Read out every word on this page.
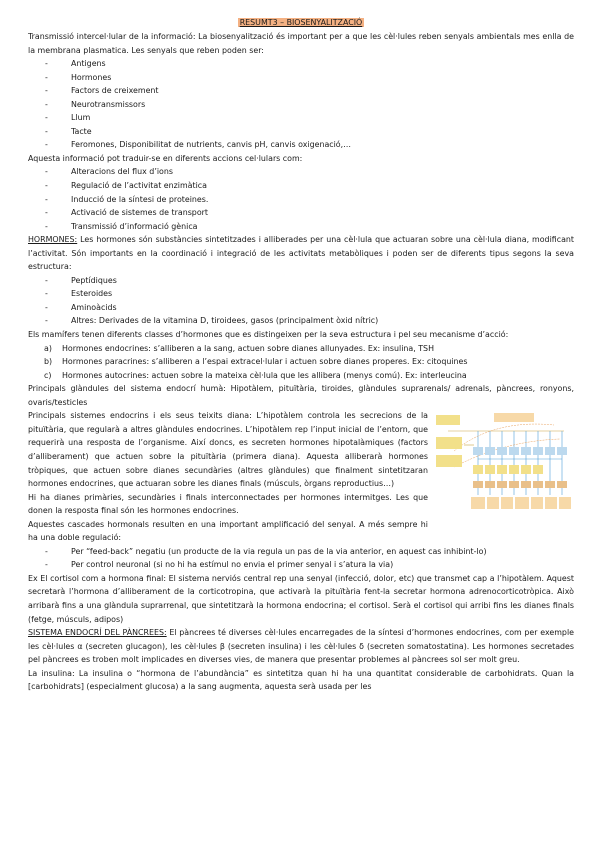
RESUMT3 – BIOSENYALITZACIÓ

Transmissió intercel·lular de la informació: La biosenyalització és important per a que les cèl·lules reben senyals ambientals mes enlla de la membrana plasmatica. Les senyals que reben poden ser:

- Antigens
- Hormones
- Factors de creixement
- Neurotransmissors
- Llum
- Tacte
- Feromones, Disponibilitat de nutrients, canvis pH, canvis oxigenació,…

Aquesta informació pot traduir-se en diferents accions cel·lulars com:

- Alteracions del flux d’ions
- Regulació de l’activitat enzimàtica
- Inducció de la síntesi de proteines.
- Activació de sistemes de transport
- Transmissió d’informació gènica

HORMONES: Les hormones són substàncies sintetitzades i alliberades per una cèl·lula que actuaran sobre una cèl·lula diana, modificant l’activitat. Són importants en la coordinació i integració de les activitats metabòliques i poden ser de diferents tipus segons la seva estructura:

- Peptídiques
- Esteroides
- Aminoàcids
- Altres: Derivades de la vitamina D, tiroidees, gasos (principalment òxid nítric)

Els mamífers tenen diferents classes d’hormones que es distingeixen per la seva estructura i pel seu mecanisme d’acció:

a) Hormones endocrines: s’alliberen a la sang, actuen sobre dianes allunyades. Ex: insulina, TSH
b) Hormones paracrines: s’alliberen a l’espai extracel·lular i actuen sobre dianes properes. Ex: citoquines
c) Hormones autocrines: actuen sobre la mateixa cèl·lula que les allibera (menys comú). Ex: interleucina

Principals glàndules del sistema endocrí humà: Hipotàlem, pituïtària, tiroides, glàndules suprarenals/ adrenals, pàncrees, ronyons, ovaris/testicles

Principals sistemes endocrins i els seus teixits diana: L’hipotàlem controla les secrecions de la pituïtària, que regularà a altres glàndules endocrines. L’hipotàlem rep l’input inicial de l’entorn, que requerirà una resposta de l’organisme. Així doncs, es secreten hormones hipotalàmiques (factors d’alliberament) que actuen sobre la pituïtària (primera diana). Aquesta alliberarà hormones tròpiques, que actuen sobre dianes secundàries (altres glàndules) que finalment sintetitzaran hormones endocrines, que actuaran sobre les dianes finals (músculs, òrgans reproductius…)

Hi ha dianes primàries, secundàries i finals interconnectades per hormones intermitges. Les que donen la resposta final són les hormones endocrines.

Aquestes cascades hormonals resulten en una important amplificació del senyal. A més sempre hi ha una doble regulació:

- Per “feed-back” negatiu (un producte de la via regula un pas de la via anterior, en aquest cas inhibint-lo)
- Per control neuronal (si no hi ha estímul no envia el primer senyal i s’atura la via)

Ex El cortisol com a hormona final: El sistema nerviós central rep una senyal (infecció, dolor, etc) que transmet cap a l’hipotàlem. Aquest secretarà l’hormona d’alliberament de la corticotropina, que activarà la pituïtària fent-la secretar hormona adrenocorticotròpica. Això arribarà fins a una glàndula suprarrenal, que sintetitzarà la hormona endocrina; el cortisol. Serà el cortisol qui arribi fins les dianes finals (fetge, músculs, adipos)

SISTEMA ENDOCRÍ DEL PÀNCREES: El pàncrees té diverses cèl·lules encarregades de la síntesi d’hormones endocrines, com per exemple les cèl·lules α (secreten glucagon), les cèl·lules β (secreten insulina) i les cèl·lules δ (secreten somatostatina). Les hormones secretades pel pàncrees es troben molt implicades en diverses vies, de manera que presentar problemes al pàncrees sol ser molt greu.

La insulina: La insulina o “hormona de l’abundància” es sintetitza quan hi ha una quantitat considerable de carbohidrats. Quan la [carbohidrats] (especialment glucosa) a la sang augmenta, aquesta serà usada per les
